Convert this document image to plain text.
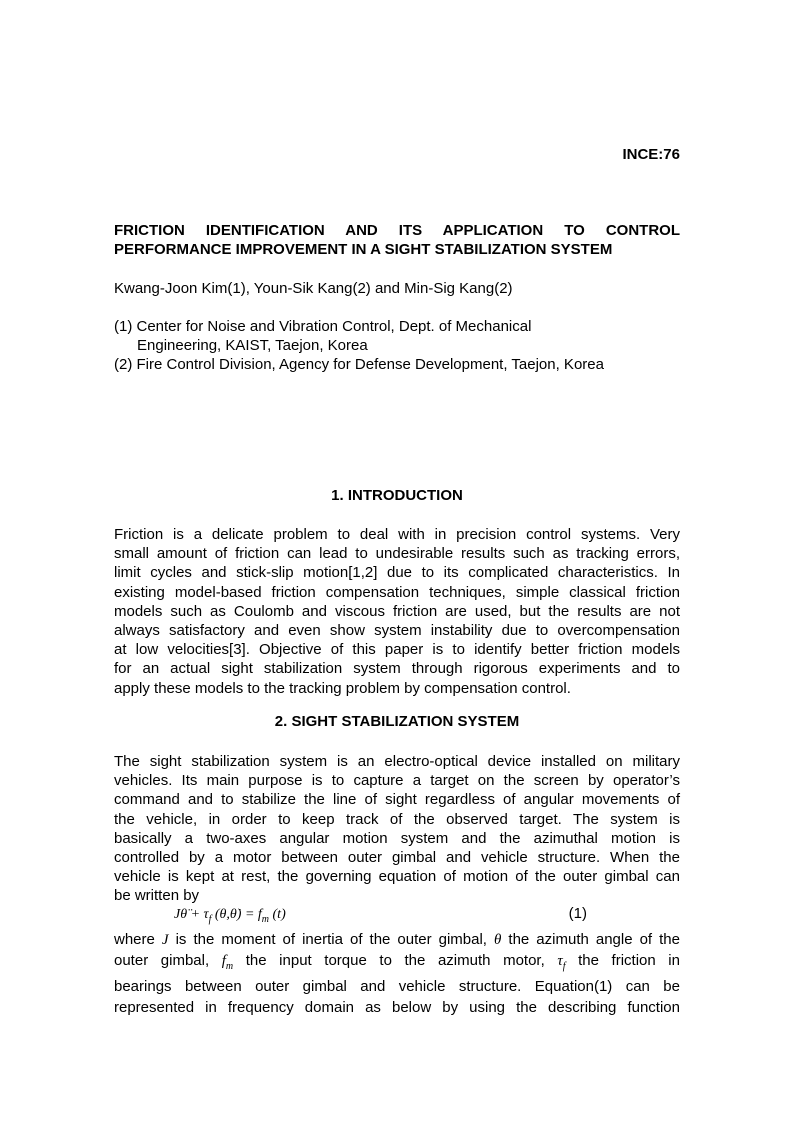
INCE:76
FRICTION IDENTIFICATION AND ITS APPLICATION TO CONTROL
PERFORMANCE IMPROVEMENT IN A SIGHT STABILIZATION SYSTEM
Kwang-Joon Kim(1), Youn-Sik Kang(2) and Min-Sig Kang(2)
(1) Center for Noise and Vibration Control, Dept. of Mechanical
Engineering, KAIST, Taejon, Korea
(2) Fire Control Division, Agency for Defense Development, Taejon, Korea
1. INTRODUCTION
Friction is a delicate problem to deal with in precision control systems. Very
small amount of friction can lead to undesirable results such as tracking errors,
limit cycles and stick-slip motion[1,2] due to its complicated characteristics. In
existing model-based friction compensation techniques, simple classical friction
models such as Coulomb and viscous friction are used, but the results are not
always satisfactory and even show system instability due to overcompensation
at low velocities[3]. Objective of this paper is to identify better friction models
for an actual sight stabilization system through rigorous experiments and to
apply these models to the tracking problem by compensation control.
2. SIGHT STABILIZATION SYSTEM
The sight stabilization system is an electro-optical device installed on military
vehicles. Its main purpose is to capture a target on the screen by operator’s
command and to stabilize the line of sight regardless of angular movements of
the vehicle, in order to keep track of the observed target. The system is
basically a two-axes angular motion system and the azimuthal motion is
controlled by a motor between outer gimbal and vehicle structure. When the
vehicle is kept at rest, the governing equation of motion of the outer gimbal can
be written by
Jθ̈ + $\tau_f$ (θ,θ̇) = $f_m$ (t)	(1)
where J is the moment of inertia of the outer gimbal, θ the azimuth angle of the
outer gimbal, $f_m$ the input torque to the azimuth motor, $\tau_f$ the friction in
bearings between outer gimbal and vehicle structure. Equation(1) can be
represented in frequency domain as below by using the describing function
